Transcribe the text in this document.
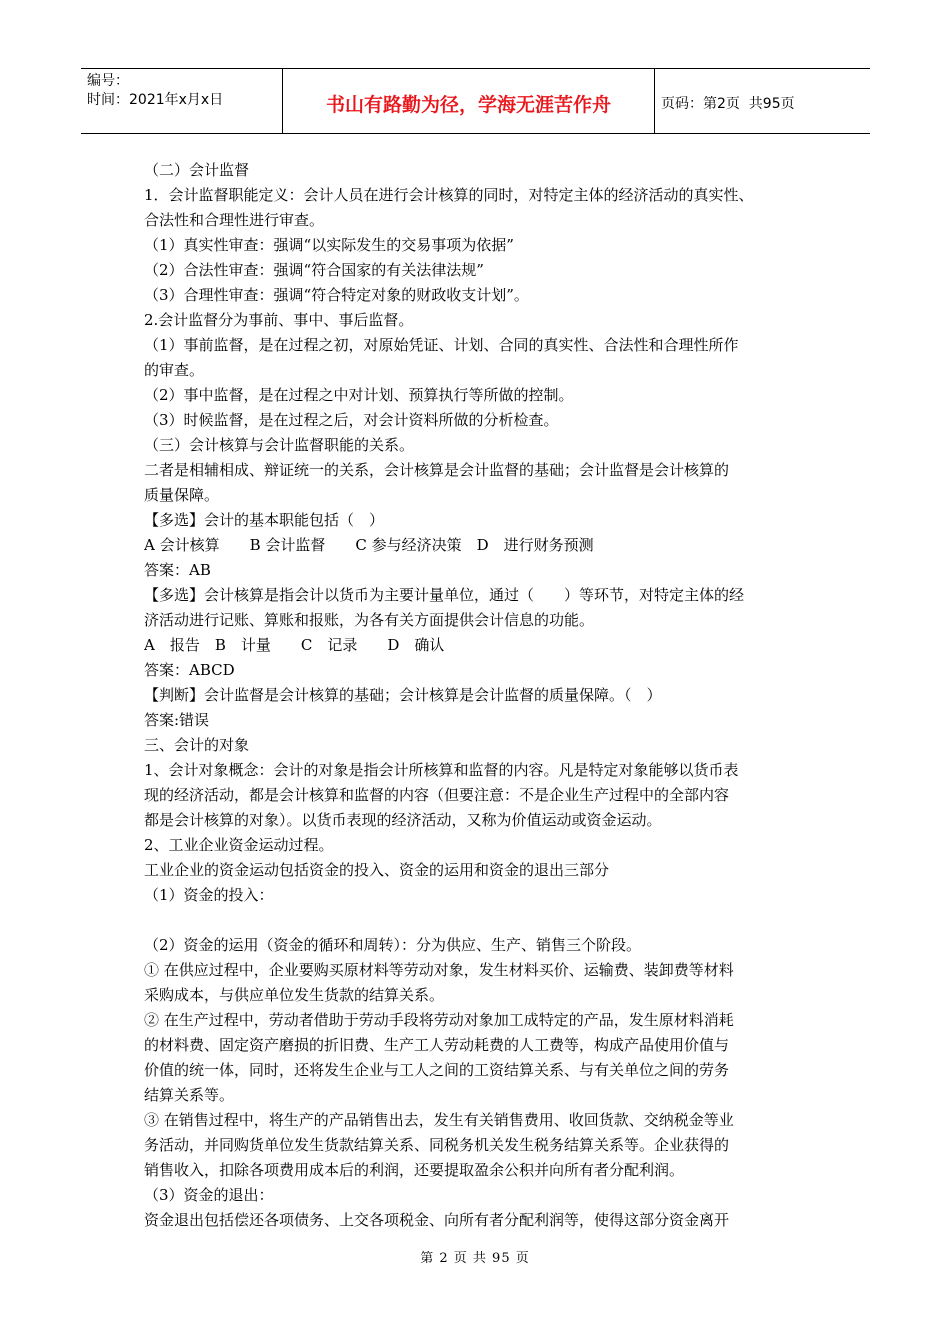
编号：
时间：2021年x月x日	书山有路勤为径，学海无涯苦作舟	页码：第2页  共95页
（二）会计监督
1．会计监督职能定义：会计人员在进行会计核算的同时，对特定主体的经济活动的真实性、
合法性和合理性进行审查。
（1）真实性审查：强调“以实际发生的交易事项为依据”
（2）合法性审查：强调“符合国家的有关法律法规”
（3）合理性审查：强调“符合特定对象的财政收支计划”。
2.会计监督分为事前、事中、事后监督。
（1）事前监督，是在过程之初，对原始凭证、计划、合同的真实性、合法性和合理性所作
的审查。
（2）事中监督，是在过程之中对计划、预算执行等所做的控制。
（3）时候监督，是在过程之后，对会计资料所做的分析检查。
（三）会计核算与会计监督职能的关系。
二者是相辅相成、辩证统一的关系，会计核算是会计监督的基础；会计监督是会计核算的
质量保障。
【多选】会计的基本职能包括（　）
A 会计核算　　B 会计监督　　C 参与经济决策　D　进行财务预测
答案：AB
【多选】会计核算是指会计以货币为主要计量单位，通过（　　）等环节，对特定主体的经
济活动进行记账、算账和报账，为各有关方面提供会计信息的功能。
A　报告　B　计量　　C　记录　　D　确认
答案：ABCD
【判断】会计监督是会计核算的基础；会计核算是会计监督的质量保障。（　）
答案:错误
三、会计的对象
1、会计对象概念：会计的对象是指会计所核算和监督的内容。凡是特定对象能够以货币表
现的经济活动，都是会计核算和监督的内容（但要注意：不是企业生产过程中的全部内容
都是会计核算的对象）。以货币表现的经济活动，又称为价值运动或资金运动。
2、工业企业资金运动过程。
工业企业的资金运动包括资金的投入、资金的运用和资金的退出三部分
（1）资金的投入：
（2）资金的运用（资金的循环和周转）：分为供应、生产、销售三个阶段。
① 在供应过程中，企业要购买原材料等劳动对象，发生材料买价、运输费、装卸费等材料
采购成本，与供应单位发生货款的结算关系。
② 在生产过程中，劳动者借助于劳动手段将劳动对象加工成特定的产品，发生原材料消耗
的材料费、固定资产磨损的折旧费、生产工人劳动耗费的人工费等，构成产品使用价值与
价值的统一体，同时，还将发生企业与工人之间的工资结算关系、与有关单位之间的劳务
结算关系等。
③ 在销售过程中，将生产的产品销售出去，发生有关销售费用、收回货款、交纳税金等业
务活动，并同购货单位发生货款结算关系、同税务机关发生税务结算关系等。企业获得的
销售收入，扣除各项费用成本后的利润，还要提取盈余公积并向所有者分配利润。
（3）资金的退出：
资金退出包括偿还各项债务、上交各项税金、向所有者分配利润等，使得这部分资金离开
第 2 页 共 95 页
